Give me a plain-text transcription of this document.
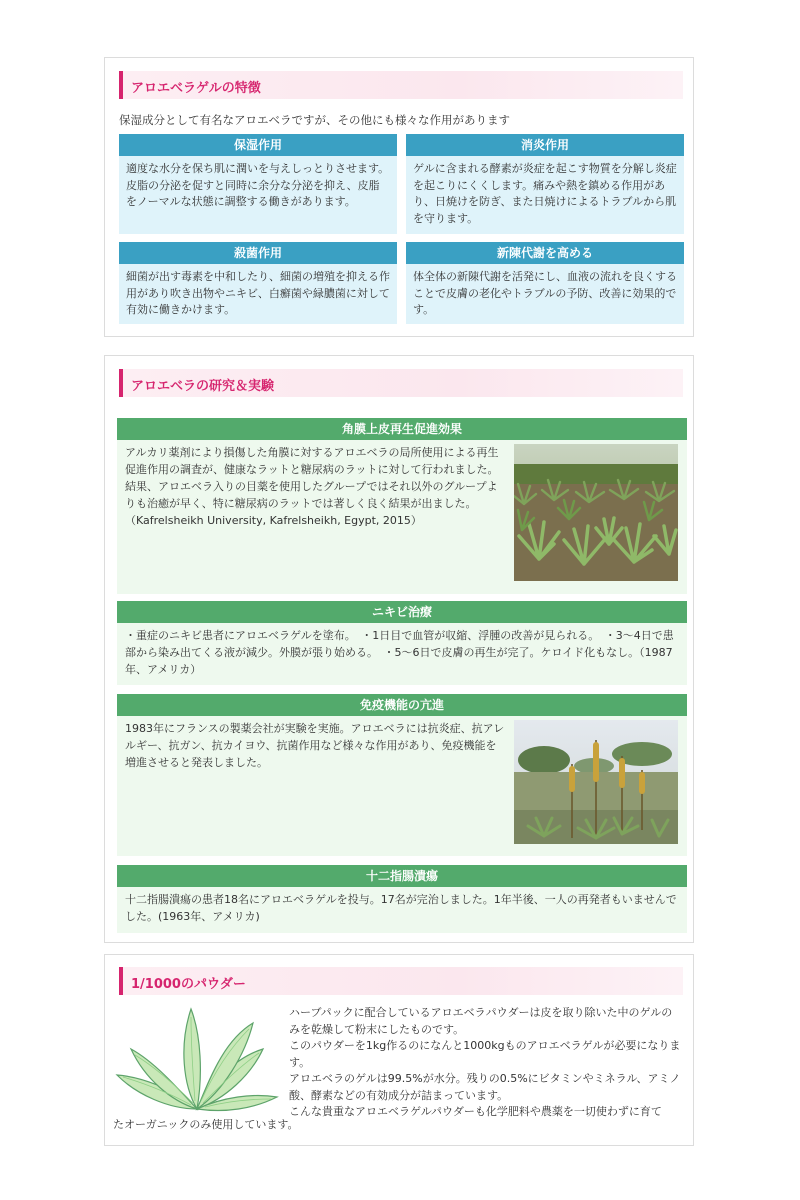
アロエベラゲルの特徴
保湿成分として有名なアロエベラですが、その他にも様々な作用があります
保湿作用
適度な水分を保ち肌に潤いを与えしっとりさせます。皮脂の分泌を促すと同時に余分な分泌を抑え、皮脂をノーマルな状態に調整する働きがあります。
消炎作用
ゲルに含まれる酵素が炎症を起こす物質を分解し炎症を起こりにくくします。痛みや熱を鎮める作用があり、日焼けを防ぎ、また日焼けによるトラブルから肌を守ります。
殺菌作用
細菌が出す毒素を中和したり、細菌の増殖を抑える作用があり吹き出物やニキビ、白癬菌や緑膿菌に対して有効に働きかけます。
新陳代謝を高める
体全体の新陳代謝を活発にし、血液の流れを良くすることで皮膚の老化やトラブルの予防、改善に効果的です。
アロエベラの研究＆実験
角膜上皮再生促進効果
アルカリ薬剤により損傷した角膜に対するアロエベラの局所使用による再生促進作用の調査が、健康なラットと糖尿病のラットに対して行われました。結果、アロエベラ入りの目薬を使用したグループではそれ以外のグループよりも治癒が早く、特に糖尿病のラットでは著しく良く結果が出ました。（Kafrelsheikh University, Kafrelsheikh, Egypt, 2015）
ニキビ治療
・重症のニキビ患者にアロエベラゲルを塗布。　・1日目で血管が収縮、浮腫の改善が見られる。　・3～4日で患部から染み出てくる液が減少。外膜が張り始める。　・5～6日で皮膚の再生が完了。ケロイド化もなし。（1987年、アメリカ）
免疫機能の亢進
1983年にフランスの製薬会社が実験を実施。アロエベラには抗炎症、抗アレルギー、抗ガン、抗カイヨウ、抗菌作用など様々な作用があり、免疫機能を増進させると発表しました。
十二指腸潰瘍
十二指腸潰瘍の患者18名にアロエベラゲルを投与。17名が完治しました。1年半後、一人の再発者もいませんでした。(1963年、アメリカ)
1/1000のパウダー
ハーブパックに配合しているアロエベラパウダーは皮を取り除いた中のゲルのみを乾燥して粉末にしたものです。
このパウダーを1kg作るのになんと1000kgものアロエベラゲルが必要になります。
アロエベラのゲルは99.5%が水分。残りの0.5%にビタミンやミネラル、アミノ酸、酵素などの有効成分が詰まっています。
こんな貴重なアロエベラゲルパウダーも化学肥料や農薬を一切使わずに育て
たオーガニックのみ使用しています。
